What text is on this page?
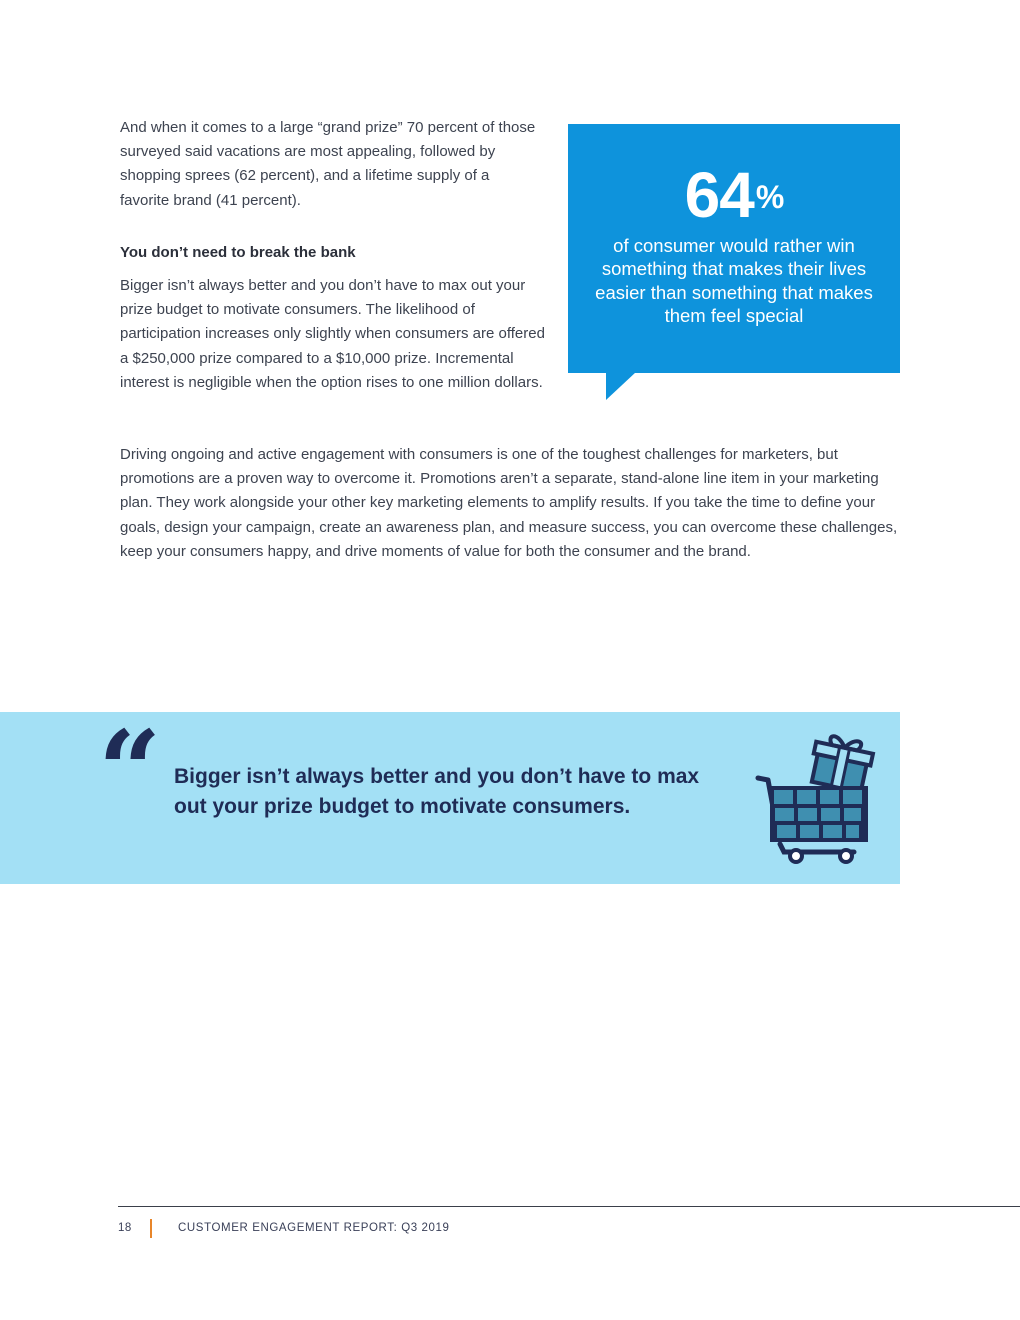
And when it comes to a large “grand prize” 70 percent of those surveyed said vacations are most appealing, followed by shopping sprees (62 percent), and a lifetime supply of a favorite brand (41 percent).

You don’t need to break the bank

Bigger isn’t always better and you don’t have to max out your prize budget to motivate consumers. The likelihood of participation increases only slightly when consumers are offered a $250,000 prize compared to a $10,000 prize. Incremental interest is negligible when the option rises to one million dollars.

64%
of consumer would rather win something that makes their lives easier than something that makes them feel special

Driving ongoing and active engagement with consumers is one of the toughest challenges for marketers, but promotions are a proven way to overcome it. Promotions aren’t a separate, stand-alone line item in your marketing plan. They work alongside your other key marketing elements to amplify results. If you take the time to define your goals, design your campaign, create an awareness plan, and measure success, you can overcome these challenges, keep your consumers happy, and drive moments of value for both the consumer and the brand.

“ Bigger isn’t always better and you don’t have to max out your prize budget to motivate consumers.

18	CUSTOMER ENGAGEMENT REPORT: Q3 2019
